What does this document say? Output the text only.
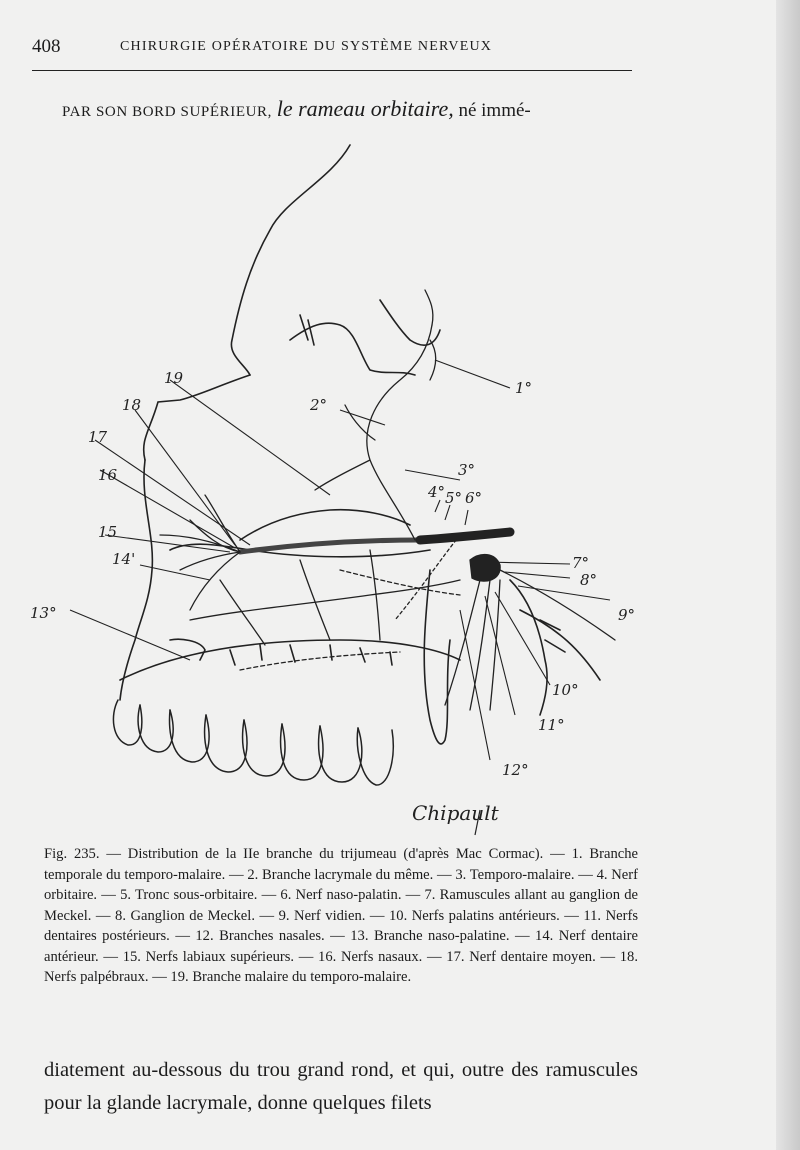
408	CHIRURGIE OPÉRATOIRE DU SYSTÈME NERVEUX
PAR SON BORD SUPÉRIEUR, le rameau orbitaire, né immé-
1°
2°
3°
4° 5° 6°
7°
8°
9°
10°
11°
12°
13°
14'
15
16
17
18
19
Chipault
Fig. 235. — Distribution de la IIe branche du trijumeau (d'après Mac Cormac). — 1. Branche temporale du temporo-malaire. — 2. Branche lacrymale du même. — 3. Temporo-malaire. — 4. Nerf orbitaire. — 5. Tronc sous-orbitaire. — 6. Nerf naso-palatin. — 7. Ramuscules allant au ganglion de Meckel. — 8. Ganglion de Meckel. — 9. Nerf vidien. — 10. Nerfs palatins antérieurs. — 11. Nerfs dentaires postérieurs. — 12. Branches nasales. — 13. Branche naso-palatine. — 14. Nerf dentaire antérieur. — 15. Nerfs labiaux supérieurs. — 16. Nerfs nasaux. — 17. Nerf dentaire moyen. — 18. Nerfs palpébraux. — 19. Branche malaire du temporo-malaire.
diatement au-dessous du trou grand rond, et qui, outre des ramuscules pour la glande lacrymale, donne quelques filets
